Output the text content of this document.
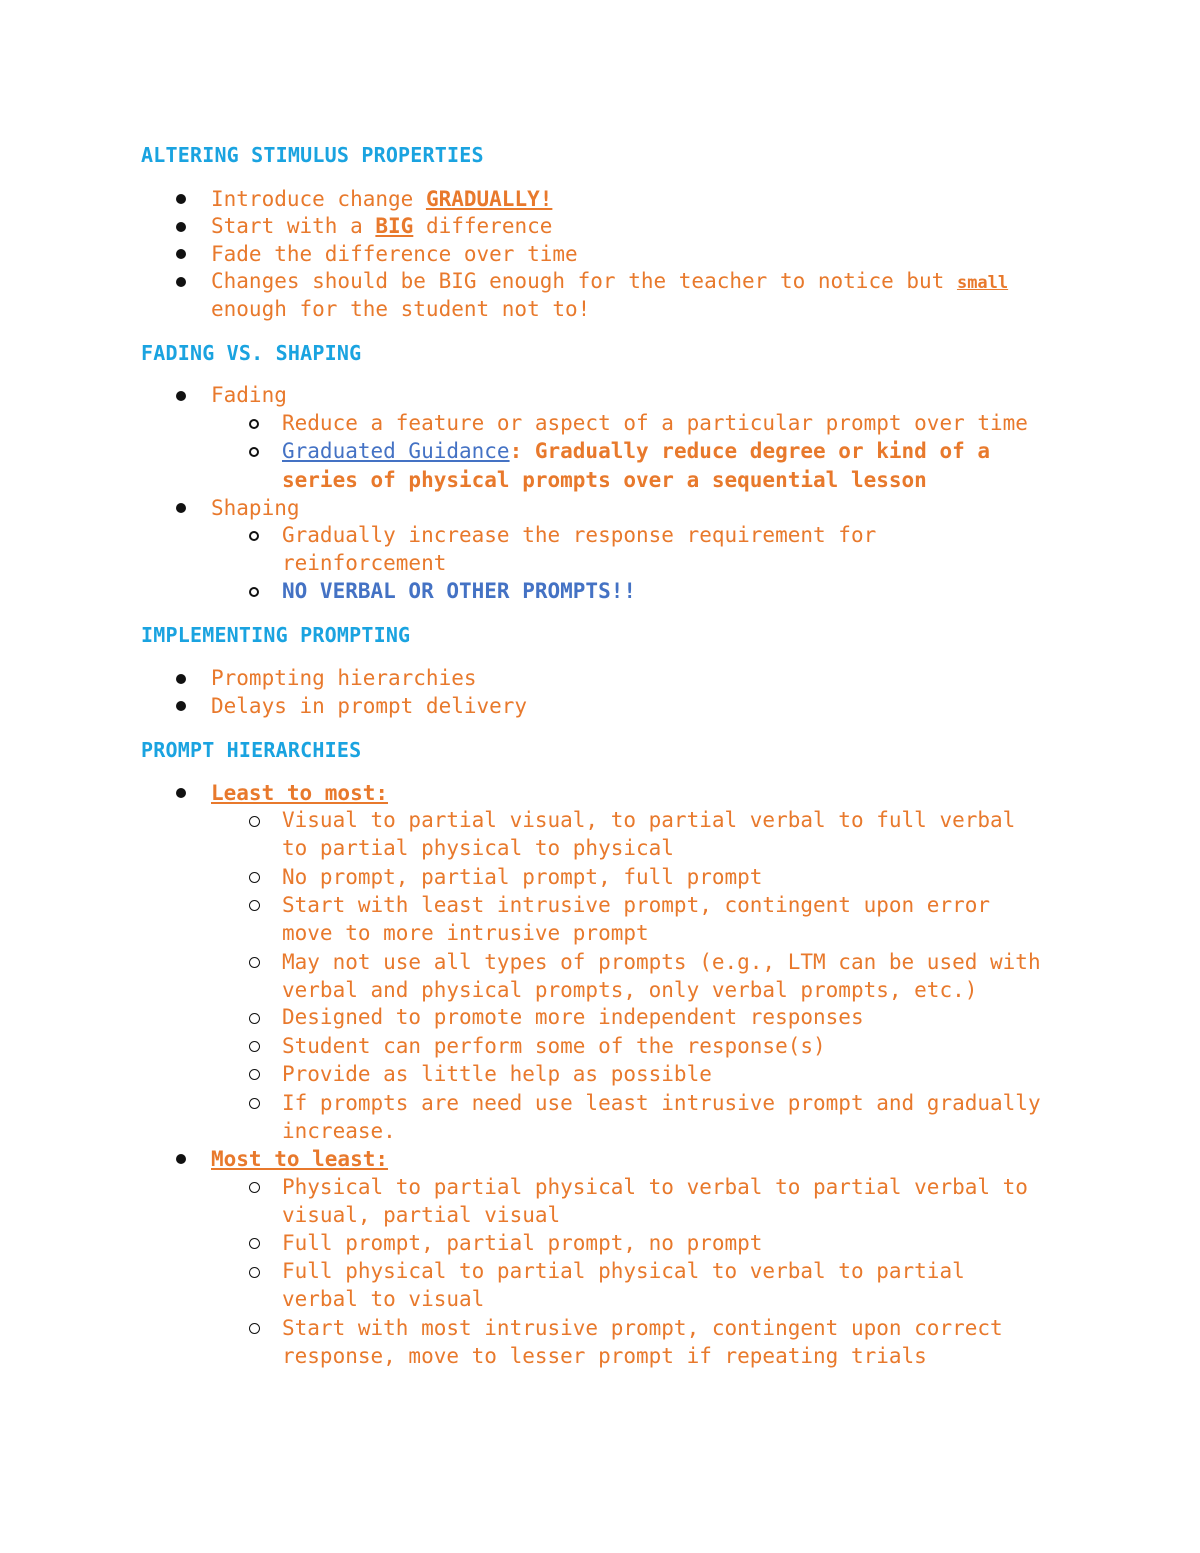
ALTERING STIMULUS PROPERTIES
Introduce change GRADUALLY!
Start with a BIG difference
Fade the difference over time
Changes should be BIG enough for the teacher to notice but small
enough for the student not to!
FADING VS. SHAPING
Fading
Reduce a feature or aspect of a particular prompt over time
Graduated Guidance: Gradually reduce degree or kind of a
series of physical prompts over a sequential lesson
Shaping
Gradually increase the response requirement for
reinforcement
NO VERBAL OR OTHER PROMPTS!!
IMPLEMENTING PROMPTING
Prompting hierarchies
Delays in prompt delivery
PROMPT HIERARCHIES
Least to most:
Visual to partial visual, to partial verbal to full verbal
to partial physical to physical
No prompt, partial prompt, full prompt
Start with least intrusive prompt, contingent upon error
move to more intrusive prompt
May not use all types of prompts (e.g., LTM can be used with
verbal and physical prompts, only verbal prompts, etc.)
Designed to promote more independent responses
Student can perform some of the response(s)
Provide as little help as possible
If prompts are need use least intrusive prompt and gradually
increase.
Most to least:
Physical to partial physical to verbal to partial verbal to
visual, partial visual
Full prompt, partial prompt, no prompt
Full physical to partial physical to verbal to partial
verbal to visual
Start with most intrusive prompt, contingent upon correct
response, move to lesser prompt if repeating trials
